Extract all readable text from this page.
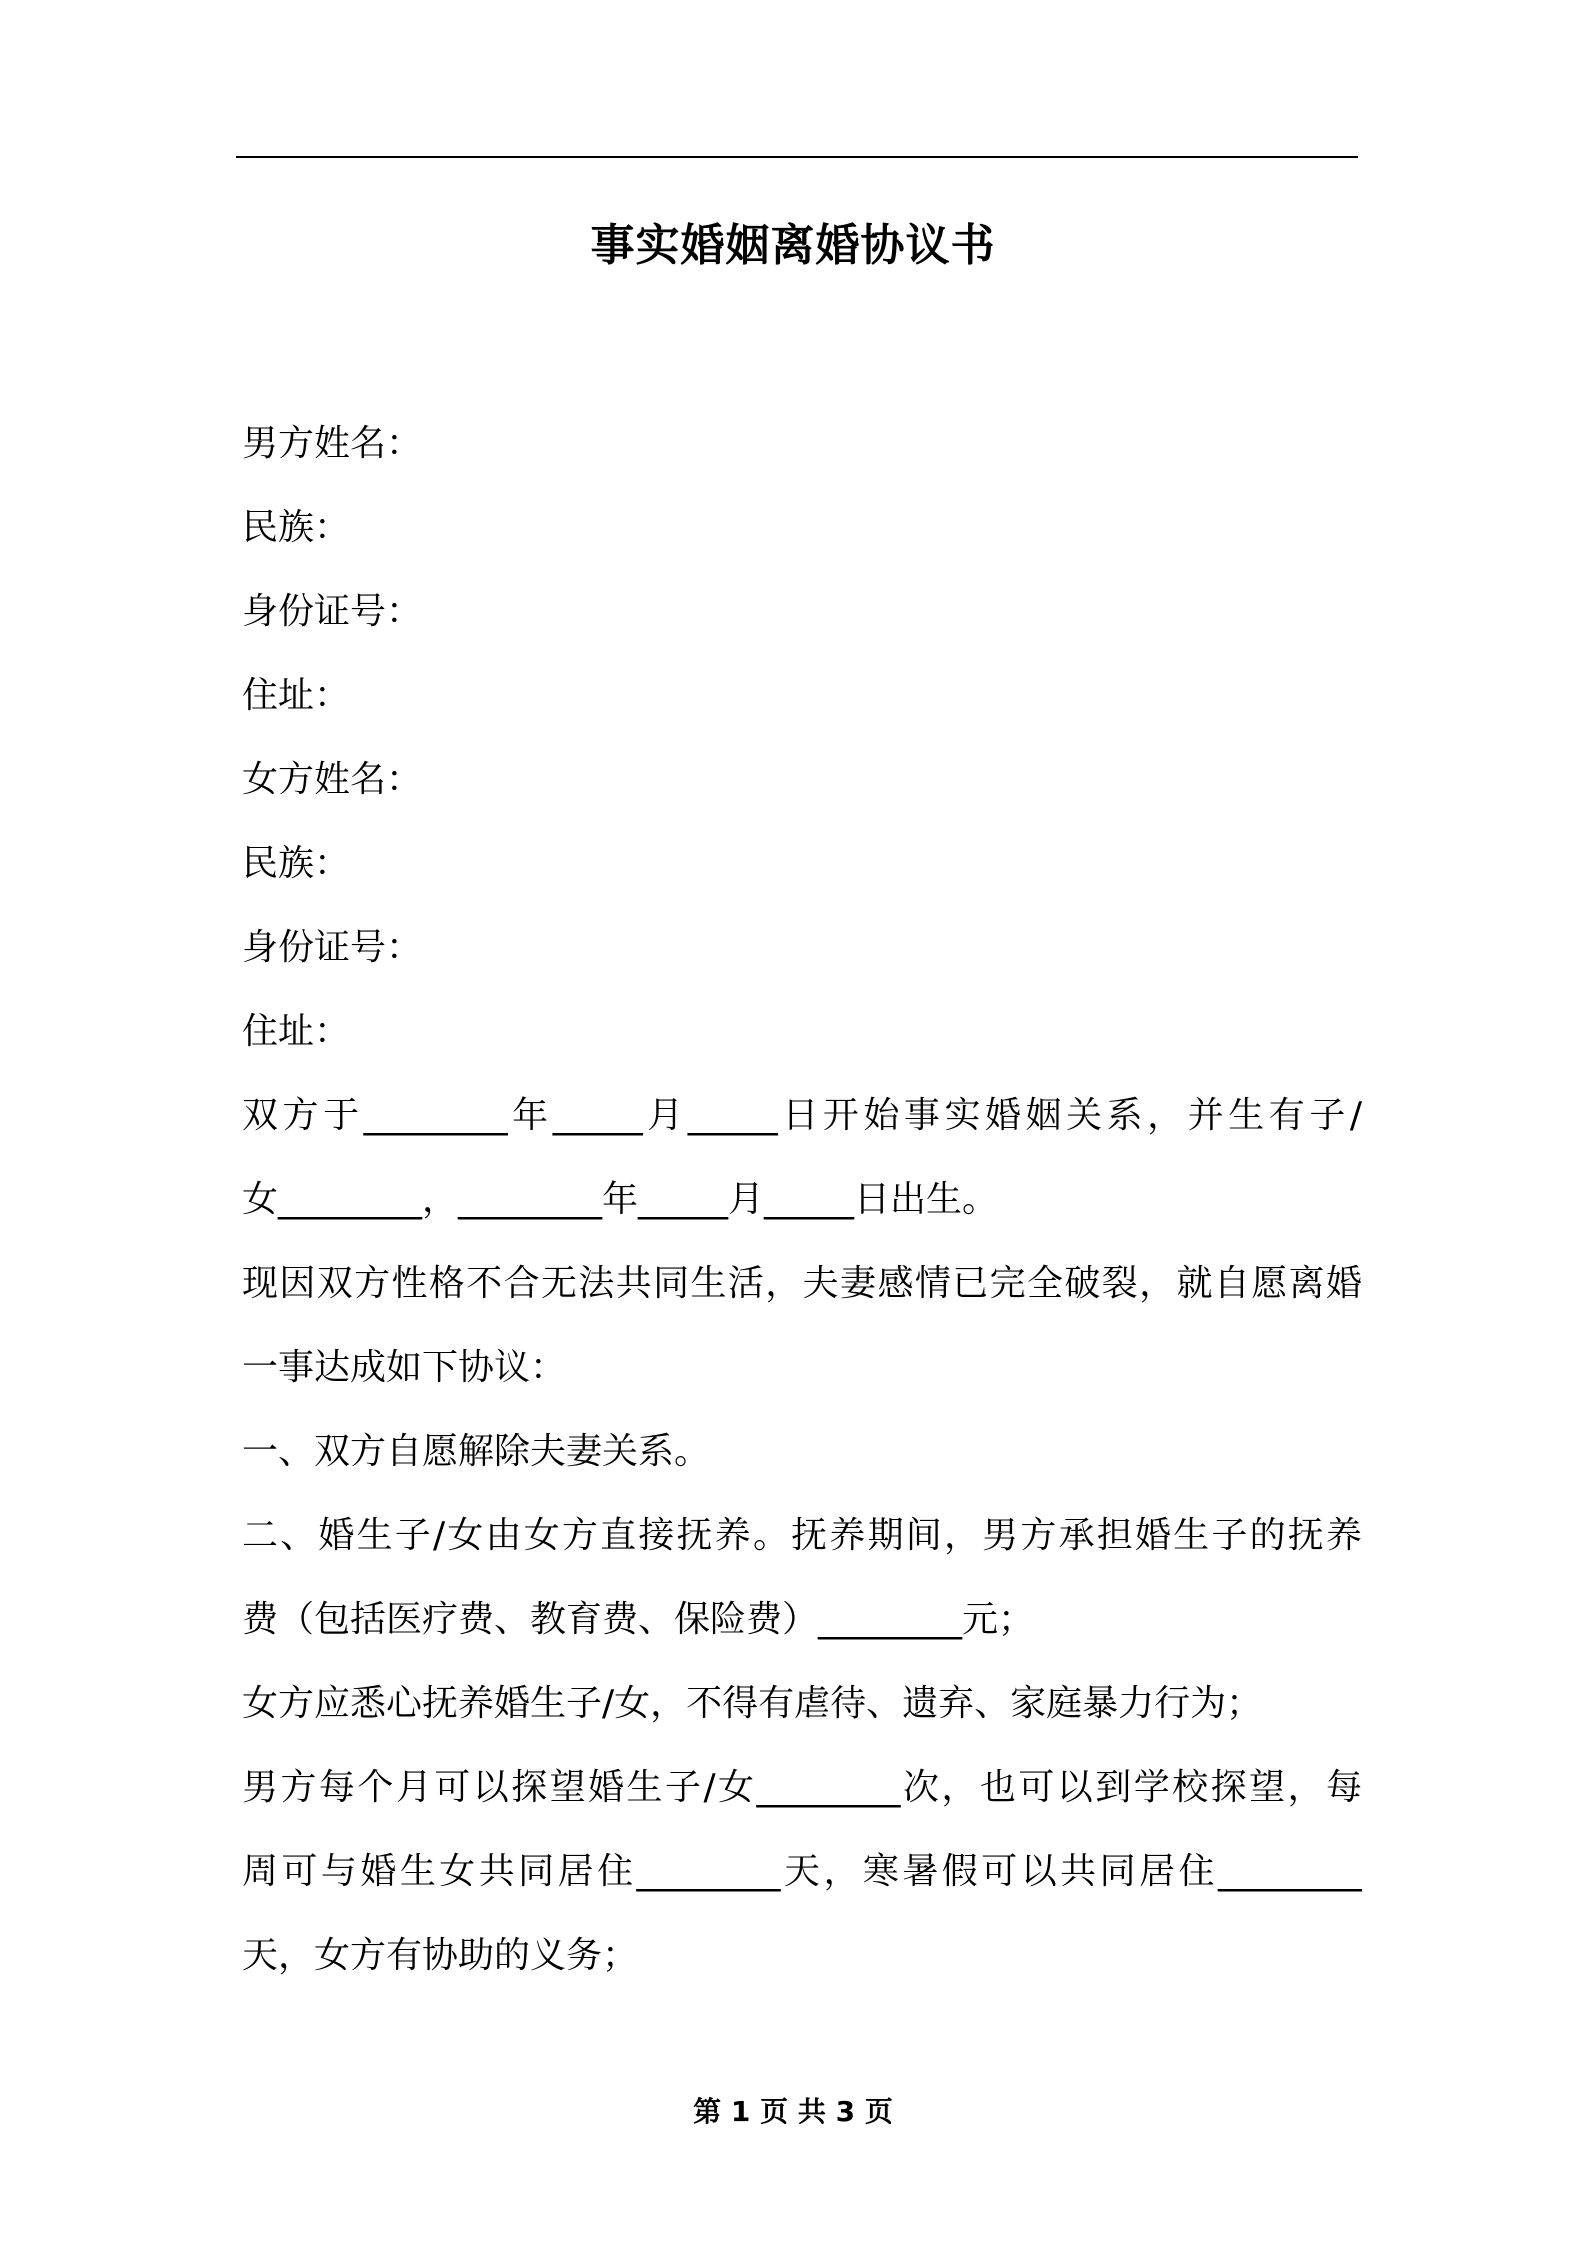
事实婚姻离婚协议书
男方姓名：
民族：
身份证号：
住址：
女方姓名：
民族：
身份证号：
住址：
双方于________年_____月_____日开始事实婚姻关系，并生有子/
女________，________年_____月_____日出生。
现因双方性格不合无法共同生活，夫妻感情已完全破裂，就自愿离婚
一事达成如下协议：
一、双方自愿解除夫妻关系。
二、婚生子/女由女方直接抚养。抚养期间，男方承担婚生子的抚养
费（包括医疗费、教育费、保险费）________元；
女方应悉心抚养婚生子/女，不得有虐待、遗弃、家庭暴力行为；
男方每个月可以探望婚生子/女________次，也可以到学校探望，每
周可与婚生女共同居住________天，寒暑假可以共同居住________
天，女方有协助的义务；
第 1 页 共 3 页
